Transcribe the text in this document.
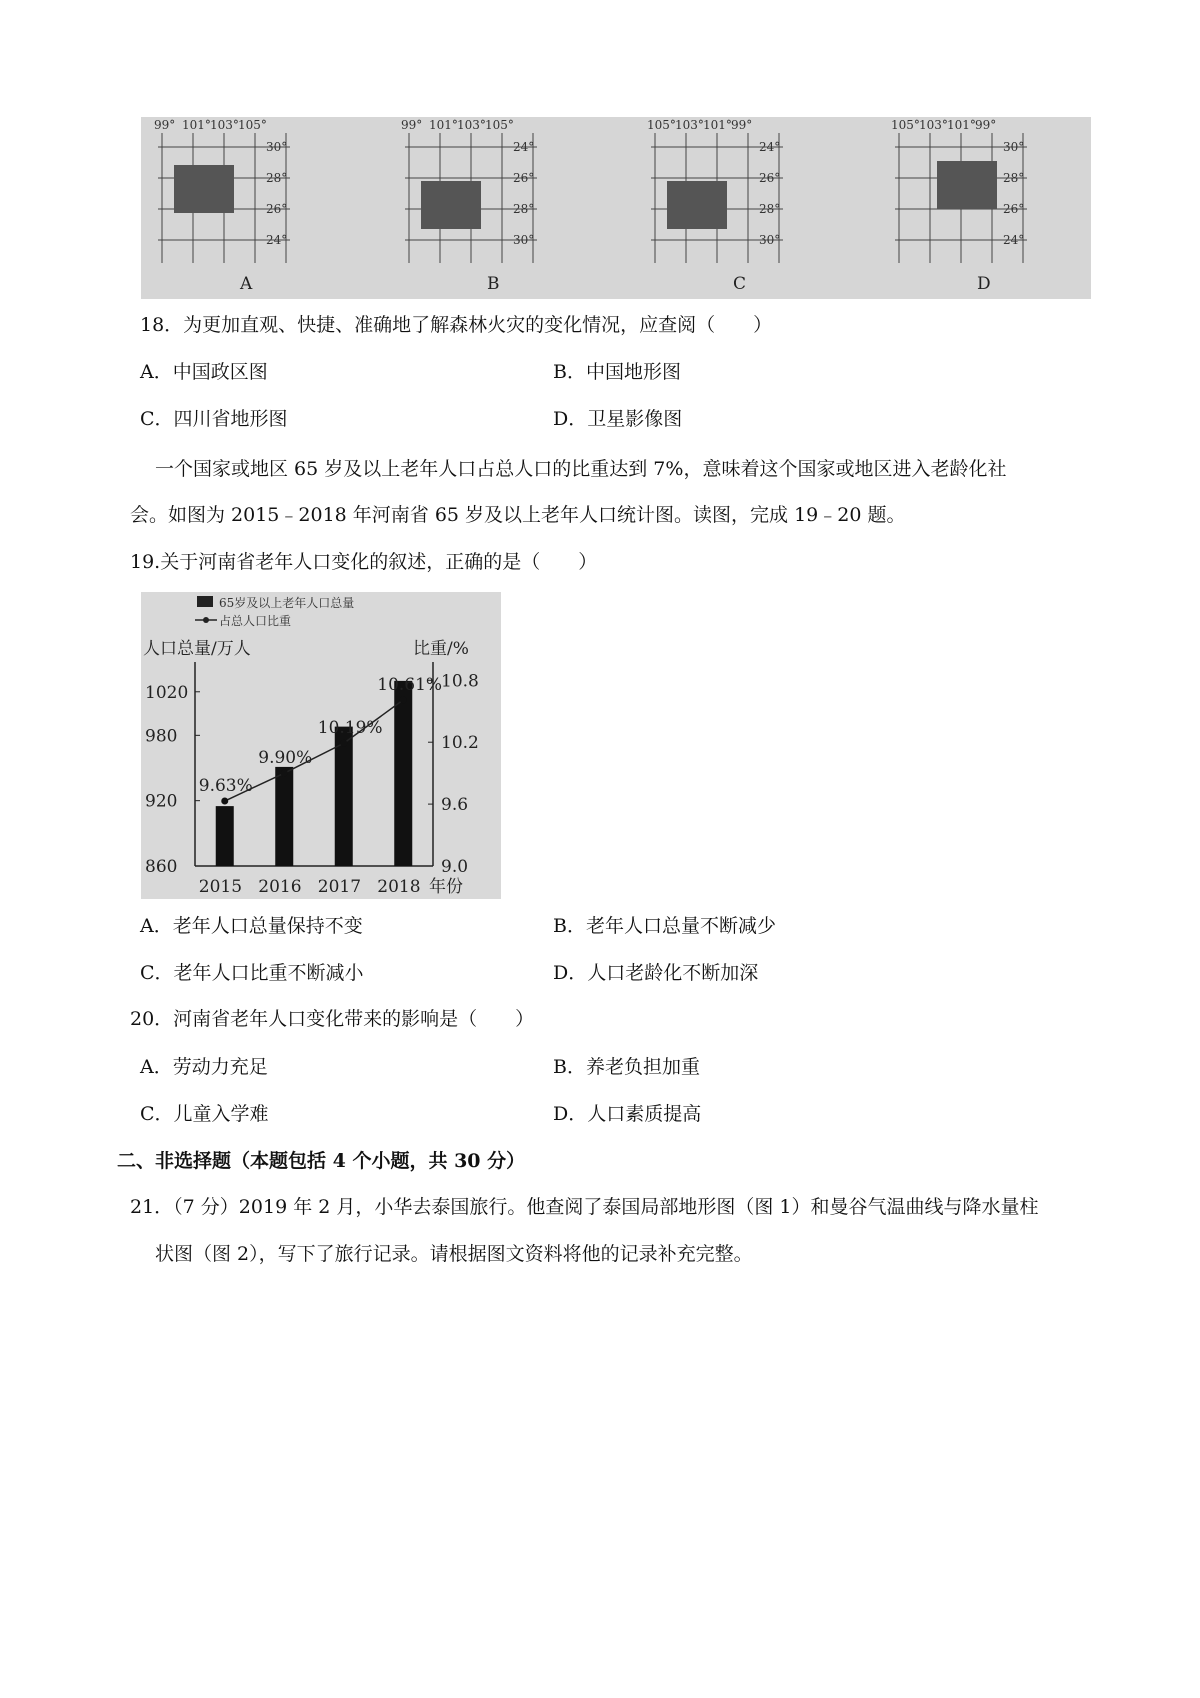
99° 101° 103° 105°
30°
28°
26°
24°
A
99° 101° 103° 105°
24°
26°
28°
30°
B
105° 103° 101° 99°
24°
26°
28°
30°
C
105° 103° 101° 99°
30°
28°
26°
24°
D
18．为更加直观、快捷、准确地了解森林火灾的变化情况，应查阅（　　）
A．中国政区图	B．中国地形图
C．四川省地形图	D．卫星影像图
一个国家或地区 65 岁及以上老年人口占总人口的比重达到 7%，意味着这个国家或地区进入老龄化社
会。如图为 2015﹣2018 年河南省 65 岁及以上老年人口统计图。读图，完成 19﹣20 题。
19.关于河南省老年人口变化的叙述，正确的是（　　）
65岁及以上老年人口总量
占总人口比重
人口总量/万人	比重/%
860
920
980
1020
9.0
9.6
10.2
10.8
2015 2016 2017 2018 年份
9.63%
9.90%
10.19%
10.61%
A．老年人口总量保持不变	B．老年人口总量不断减少
C．老年人口比重不断减小	D．人口老龄化不断加深
20．河南省老年人口变化带来的影响是（　　）
A．劳动力充足	B．养老负担加重
C．儿童入学难	D．人口素质提高
二、非选择题（本题包括 4 个小题，共 30 分）
21．（7 分）2019 年 2 月，小华去泰国旅行。他查阅了泰国局部地形图（图 1）和曼谷气温曲线与降水量柱
状图（图 2），写下了旅行记录。请根据图文资料将他的记录补充完整。
